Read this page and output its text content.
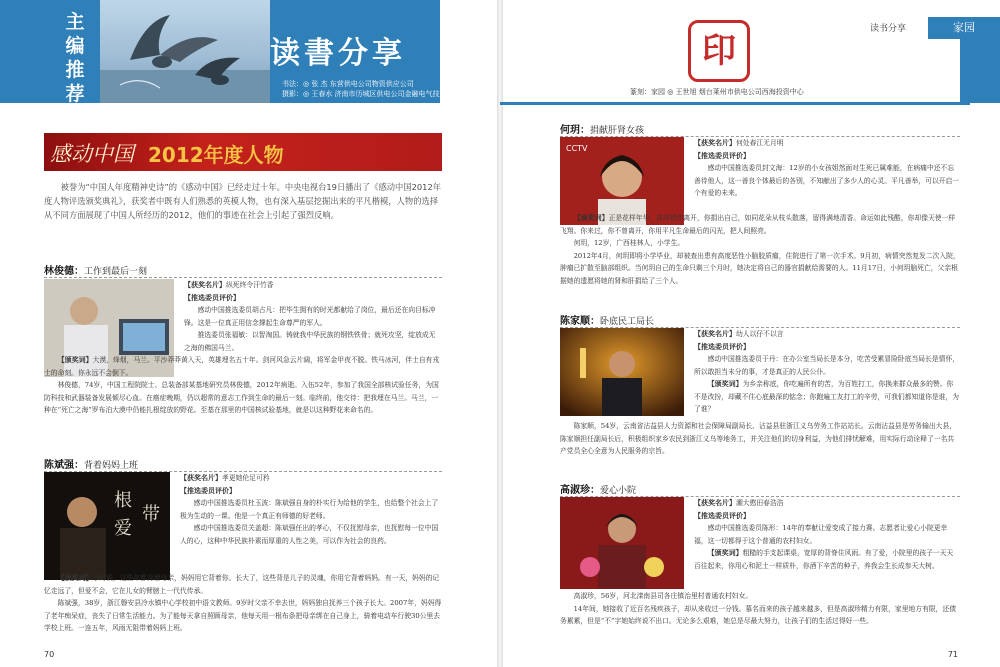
主
编
推
荐
读書分享
书法：◎ 张 杰 东营供电公司物资供应公司
摄影：◎ 王春水 济南市历城区供电公司金融电气技术中心
感动中国 2012年度人物
被誉为“中国人年度精神史诗”的《感动中国》已经走过十年。中央电视台19日播出了《感动中国2012年度人物评选颁奖典礼》，获奖者中既有人们熟悉的英模人物，也有深入基层挖掘出来的平凡楷模，人物的选择从不同方面展现了中国人所经历的2012，他们的事迹在社会上引起了强烈反响。
林俊德：工作到最后一刻

【获奖名片】纵死终令汗竹香

【推选委员评价】

感动中国推选委员胡占凡：把毕生拥有的时光都献给了岗位，最后还在向目标冲锋。这是一位真正用信念撑起生命尊严的军人。

推选委员张福敏：以智淘国。铸就我中华民族的钢铁铁骨；就死攻坚，绽放成无之海的佛国马兰。

【颁奖词】大漠，烽烟，马兰。平沙莽莽黄入天，英雄埋名五十年。剑河风急云片阔，将军金甲夜不脱。铁马冰河，伴士自有戎士的命刻。你永远不会倒下。

林俊德，74岁，中国工程院院士、总装备部某基地研究员林俊德，2012年病逝。入伍52年，参加了我国全部核试验任务，为国防科技和武器装备发展倾尽心血。在癌症晚期，仍以超常的意志工作到生命的最后一刻。临终前，他交待：把我埋在马兰。马兰，一种在“死亡之海”罗布泊大漠中仍能扎根绽放的野花。至基在那里的中国核试验基地，就是以这种野花来命名的。

陈斌强：背着妈妈上班
根
爱
带

【获奖名片】孝更她伦足可矜

【推选委员评价】

感动中国推选委员杜玉波：陈斌强自身的朴实行为给他的学生，也给整个社会上了极为生动的一课。他是一个真正有师德的好老师。

感动中国推选委员关盖超：陈斌强任出的孝心，不仅抚慰母亲，也抚慰每一位中国人的心，这种中华民族朴素而厚重的人性之美，可以作为社会的良药。

【颁奖词】小时候，这些年都背着母亲，妈妈用它背着你。长大了，这些背是儿子的灵魂，你用它背着妈妈。有一天，妈妈的记忆走远了，但爱不会，它在儿女的臂膀上一代代传承。

陈斌强，38岁，浙江磐安县冷水镇中心学校初中语文教师。9岁时父亲不幸去世，妈妈独自抚养三个孩子长大。2007年，妈妈得了老年痴呆症，丧失了日常生活能力。为了能每天拿自照顾母亲，他每天用一根布条把母亲绑在自己身上，骑着电动车行驶30公里去学校上班。一连五年，风雨无阻带着妈妈上班。

70
印
篆刻：家园 ◎ 王世旭 烟台莱州市供电公司西海投资中心
读书分享	家园
何玥：捐献肝肾女孩
CCTV

【获奖名片】何处春江无月明

【推选委员评价】

感动中国推选委员封文海：12岁的小女孩姐然面对生死已属难能，在病痛中还不忘善待他人，这一善良个体最后的各别，不知献出了多少人的心灵。平凡善举，可以开启一个有爱的未来。

【颁奖词】正是花样年华，你却悄然离开，你捐出自己，如同花朵从枝头散落，留得满地清香。命运如此残酷，你却像天使一样飞翔。你来过，你不曾离开，你用平凡生命最后的闪光，把人间照亮。

何玥，12岁，广西桂林人，小学生。

2012年4月，何玥即将小学毕业，却被查出患有高度恶性小脑胶质瘤，住院进行了第一次手术。9月初，病情突然复发二次入院，肿瘤已扩散至脑部组织。当何玥自己的生命只剩三个月时，她决定将自己的器官捐献给需要的人。11月17日，小何玥脑死亡，父亲根据她的遗愿将她的肾和肝捐给了三个人。

陈家顺：卧底民工局长

【获奖名片】幼人以仔不以言

【推选委员评价】

感动中国推选委员于丹：在办公室当局长是本分，吃苦受累冒险卧底当局长是情怀，所以敢担当未分的事，才是真正的人民公仆。

【颁奖词】为乡亲称底，你吃遍所有的苦，为百姓打工，你换来群众最多的赞。你不是改扮，却藏不住心底最深的惦念；你跑遍工友打工的辛劳，可我们都知道你是谁，为了谁？

陈家顺，54岁，云南省沾益县人力资源和社会保障局副局长、沾益县驻浙江义乌劳务工作站站长。云南沾益县是劳务输出大县，陈家顺担任副局长后，积极组织家乡农民到浙江义乌等地务工，并关注他们的切身利益，为他们排忧解难，用实际行动诠释了一名共产党员全心全意为人民服务的宗旨。

高淑珍：爱心小院

【获奖名片】潮大憨田春浩浩

【推选委员评价】

感动中国推选委员陈形：14年的奉献让爱变成了接力赛。志愿者让爱心小院更幸福，这一切都得于这个普通的农村妇女。

【颁奖词】粗糙的手支起课桌，宽厚的背脊住风雨。有了爱，小院里的孩子一天天百往起来，你用心和泥土一样质朴，你酒下辛苦的种子，养我会生长成参天大树。

高淑珍，56岁，河北滦南县司各庄镇治里村普通农村妇女。

14年间，她接收了近百名残疾孩子，却从来收过一分钱。慕名而来的孩子越来越多，但是高淑珍精力有限，家里地方有限，还债务累累，但是“不”字她始终说不出口。无论多么艰难，她总是尽最大努力，让孩子们的生活过得好一些。

71
